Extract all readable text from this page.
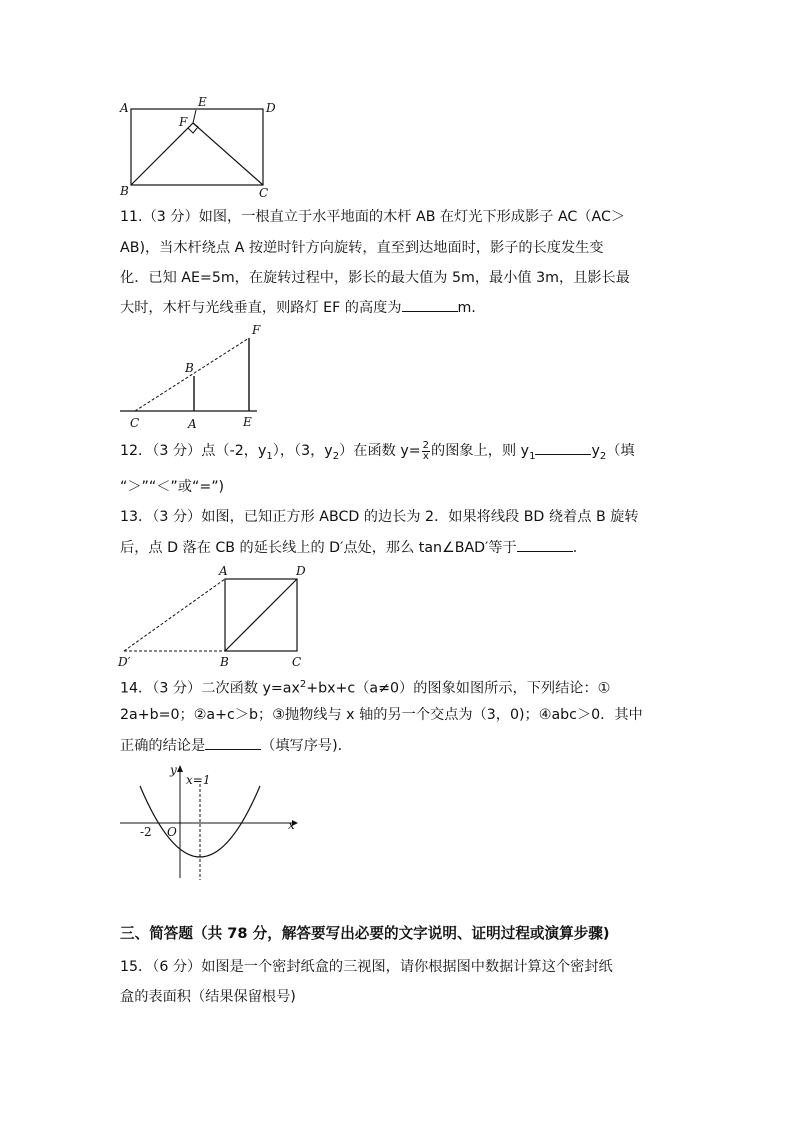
A	E	D
F
B	C
11.（3 分）如图，一根直立于水平地面的木杆 AB 在灯光下形成影子 AC（AC＞
AB)，当木杆绕点 A 按逆时针方向旋转，直至到达地面时，影子的长度发生变
化．已知 AE=5m，在旋转过程中，影长的最大值为 5m，最小值 3m，且影长最
大时，木杆与光线垂直，则路灯 EF 的高度为	m．
F
B
C	A	E
12．（3 分）点（-2，$y_1$），（3，$y_2$）在函数 $y= \frac{2}{x}$ 的图象上，则 $y_1$	$y_2$（填
“＞”“＜”或“=”)
13．（3 分）如图，已知正方形 ABCD 的边长为 2．如果将线段 BD 绕着点 B 旋转
后，点 D 落在 CB 的延长线上的 D′点处，那么 tan∠BAD′等于	.
A	D
D′	B	C
14．（3 分）二次函数 $y=ax^2+bx+c(a\ne 0)$的图象如图所示，下列结论：①
2a+b=0；②a+c＞b；③抛物线与 x 轴的另一个交点为（3，0)；④abc＞0．其中
正确的结论是	（填写序号)．
y
x=1
x
-2 O
三、简答题（共 78 分，解答要写出必要的文字说明、证明过程或演算步骤)
15．（6 分）如图是一个密封纸盒的三视图，请你根据图中数据计算这个密封纸
盒的表面积（结果保留根号)
